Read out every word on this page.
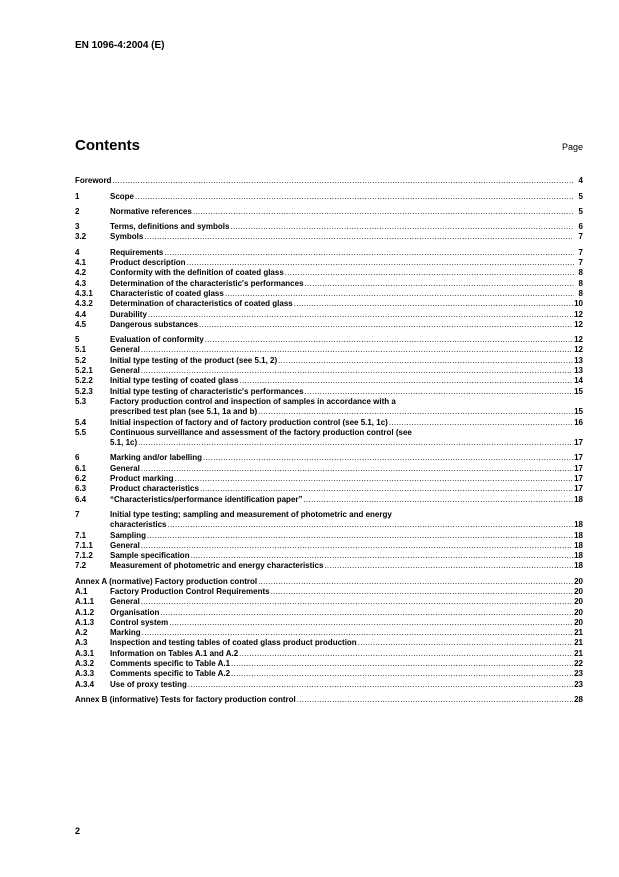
EN 1096-4:2004 (E)
Contents	Page
Foreword .....	4
1	Scope .....	5
2	Normative references .....	5
3	Terms, definitions and symbols .....	6
3.2	Symbols .....	7
4	Requirements .....	7
4.1	Product description .....	7
4.2	Conformity with the definition of coated glass .....	8
4.3	Determination of the characteristic's performances .....	8
4.3.1	Characteristic of coated glass .....	8
4.3.2	Determination of characteristics of coated glass .....	10
4.4	Durability .....	12
4.5	Dangerous substances .....	12
5	Evaluation of conformity .....	12
5.1	General .....	12
5.2	Initial type testing of the product (see 5.1, 2) .....	13
5.2.1	General .....	13
5.2.2	Initial type testing of coated glass .....	14
5.2.3	Initial type testing of characteristic's performances .....	15
5.3	Factory production control and inspection of samples in accordance with a
prescribed test plan (see 5.1, 1a and b) .....	15
5.4	Initial inspection of factory and of factory production control (see 5.1, 1c) .....	16
5.5	Continuous surveillance and assessment of the factory production control (see
5.1, 1c) .....	17
6	Marking and/or labelling .....	17
6.1	General .....	17
6.2	Product marking .....	17
6.3	Product characteristics .....	17
6.4	“Characteristics/performance identification paper” .....	18
7	Initial type testing; sampling and measurement of photometric and energy
characteristics .....	18
7.1	Sampling .....	18
7.1.1	General .....	18
7.1.2	Sample specification .....	18
7.2	Measurement of photometric and energy characteristics .....	18
Annex A (normative) Factory production control .....	20
A.1	Factory Production Control Requirements .....	20
A.1.1	General .....	20
A.1.2	Organisation .....	20
A.1.3	Control system .....	20
A.2	Marking .....	21
A.3	Inspection and testing tables of coated glass product production .....	21
A.3.1	Information on Tables A.1 and A.2 .....	21
A.3.2	Comments specific to Table A.1 .....	22
A.3.3	Comments specific to Table A.2 .....	23
A.3.4	Use of proxy testing .....	23
Annex B (informative) Tests for factory production control .....	28
2
